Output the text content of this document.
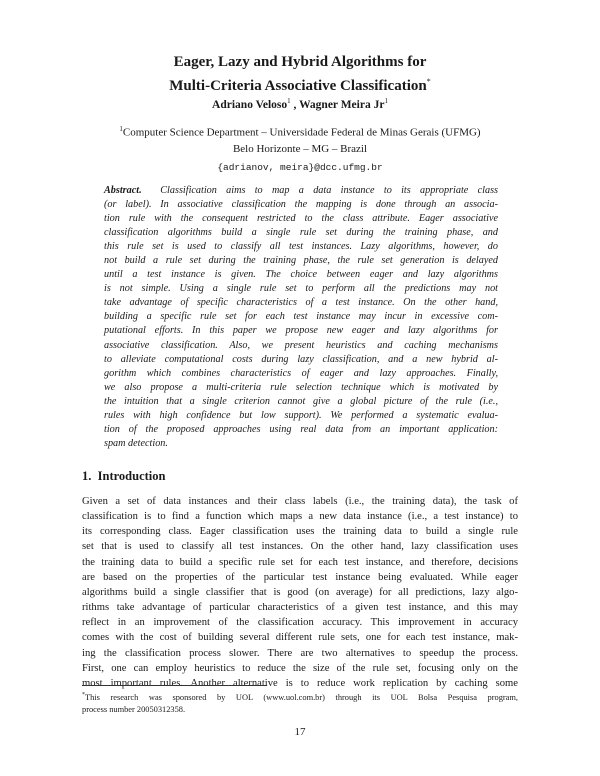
Eager, Lazy and Hybrid Algorithms for
Multi-Criteria Associative Classification*
Adriano Veloso$^1$ , Wagner Meira Jr$^1$
$^1$Computer Science Department – Universidade Federal de Minas Gerais (UFMG)
Belo Horizonte – MG – Brazil
{adrianov, meira}@dcc.ufmg.br
Abstract. Classification aims to map a data instance to its appropriate class
(or label). In associative classification the mapping is done through an associa-
tion rule with the consequent restricted to the class attribute. Eager associative
classification algorithms build a single rule set during the training phase, and
this rule set is used to classify all test instances. Lazy algorithms, however, do
not build a rule set during the training phase, the rule set generation is delayed
until a test instance is given. The choice between eager and lazy algorithms
is not simple. Using a single rule set to perform all the predictions may not
take advantage of specific characteristics of a test instance. On the other hand,
building a specific rule set for each test instance may incur in excessive com-
putational efforts. In this paper we propose new eager and lazy algorithms for
associative classification. Also, we present heuristics and caching mechanisms
to alleviate computational costs during lazy classification, and a new hybrid al-
gorithm which combines characteristics of eager and lazy approaches. Finally,
we also propose a multi-criteria rule selection technique which is motivated by
the intuition that a single criterion cannot give a global picture of the rule (i.e.,
rules with high confidence but low support). We performed a systematic evalua-
tion of the proposed approaches using real data from an important application:
spam detection.
1. Introduction
Given a set of data instances and their class labels (i.e., the training data), the task of
classification is to find a function which maps a new data instance (i.e., a test instance) to
its corresponding class. Eager classification uses the training data to build a single rule
set that is used to classify all test instances. On the other hand, lazy classification uses
the training data to build a specific rule set for each test instance, and therefore, decisions
are based on the properties of the particular test instance being evaluated. While eager
algorithms build a single classifier that is good (on average) for all predictions, lazy algo-
rithms take advantage of particular characteristics of a given test instance, and this may
reflect in an improvement of the classification accuracy. This improvement in accuracy
comes with the cost of building several different rule sets, one for each test instance, mak-
ing the classification process slower. There are two alternatives to speedup the process.
First, one can employ heuristics to reduce the size of the rule set, focusing only on the
most important rules. Another alternative is to reduce work replication by caching some
*This research was sponsored by UOL (www.uol.com.br) through its UOL Bolsa Pesquisa program,
process number 20050312358.
17
